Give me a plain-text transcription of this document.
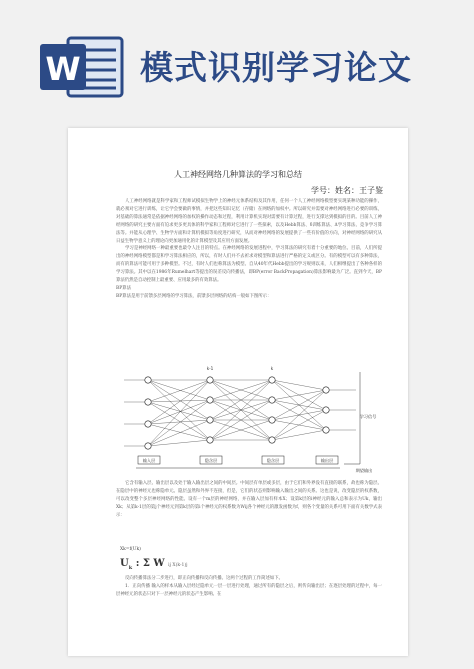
W 模式识别学习论文
人工神经网络几种算法的学习和总结
学号：姓名：王子鉴

人工神经网络就是科学家和工程师试模拟生物学上的神经元体系结构及其作用，任何一个人工神经网络模型要实现某种功能的操作，就必须对它进行训练，让它学会要做的事情，并把这些知识记忆（存储）在网络的加权中。所以研究并需要对神经网络进行必要的训练，对基础的算法通常是依据神经网络的加权的操作动态和过程，利用计算机实现对需要有计算过程，进行支撑达到模拟的目的。目前人工神经网络的研究主要方面有迫求更多更具体的科学家和工程师对它进行了一些探索，以及Hebb算法、δ训练算法、Δ学习算法、竞争学习算法等。并能从心理学、生物学方面和计算机模拟等角度进行研究，从而对神经网络的发展提供了一些有价值的方向，对神经网络的研究从日益生物学意义上的理论向更加通用化的计算模型及其应用方面发展。

学习是神经网络一种最重要也最令人注目的特点。在神经网络的发展进程中，学习算法的研究有着十分重要的地位。目前，人们所提出的神经网络模型都是和学习算法相应的，所以，有时人们并不去祈求对模型和算法进行严格的定义或区分。有的模型可以有多种算法，而有的算法可能可用于多种模型。不过，有时人们也称算法为模型。自从40年代Hebb提出的学习规则以来，人们相继提出了各种各样的学习算法。其中以在1986年Rumelhart等提出的误差反向传播法，即BP(error BackPropagation)算法影响最为广泛。直到今天，BP算法仍然是自动控制上最重要、应用最多的有效算法。

BP算法

BP算法是用于前馈多层网络的学习算法，前馈多层网络的结构一般如下图所示：

输入层	隐含层	隐含层	输出层
k-1	k
学习信号
期望输出

它含有输入层、输出层以及处于输入输出层之间的中间层。中间层有单层或多层，由于它们和外界没有直接的联系，故也称为隐层。在隐层中的神经元也称隐单元。隐层虽然和外界不连接，但是，它们的状态则影响输入输出之间的关系。这也是说，改变隐层的权系数，可以改变整个多层神经网络的性能。设有一个m层的神经网络，并在输入层加有样本X；设第k层的i神经元的输入总和表示为Uk，输出Xk；从第k-1层的第j个神经元到第k层的第i个神经元的权系数为Wij各个神经元的激发函数为f，则各个变量的关系可用下面有关数学式表示：

Xk=f(Uk)
$U_k$ : Σ W ij X(k-1)j

反向传播算法分二步进行，即正向传播和反向传播。这两个过程的工作简述如下。

1．正向传播 输入的样本从输入层经过隐单元一层一层进行处理，通过所有的隐层之后，则传向输出层；在逐层处理的过程中，每一层神经元的状态只对下一层神经元的状态产生影响。在
